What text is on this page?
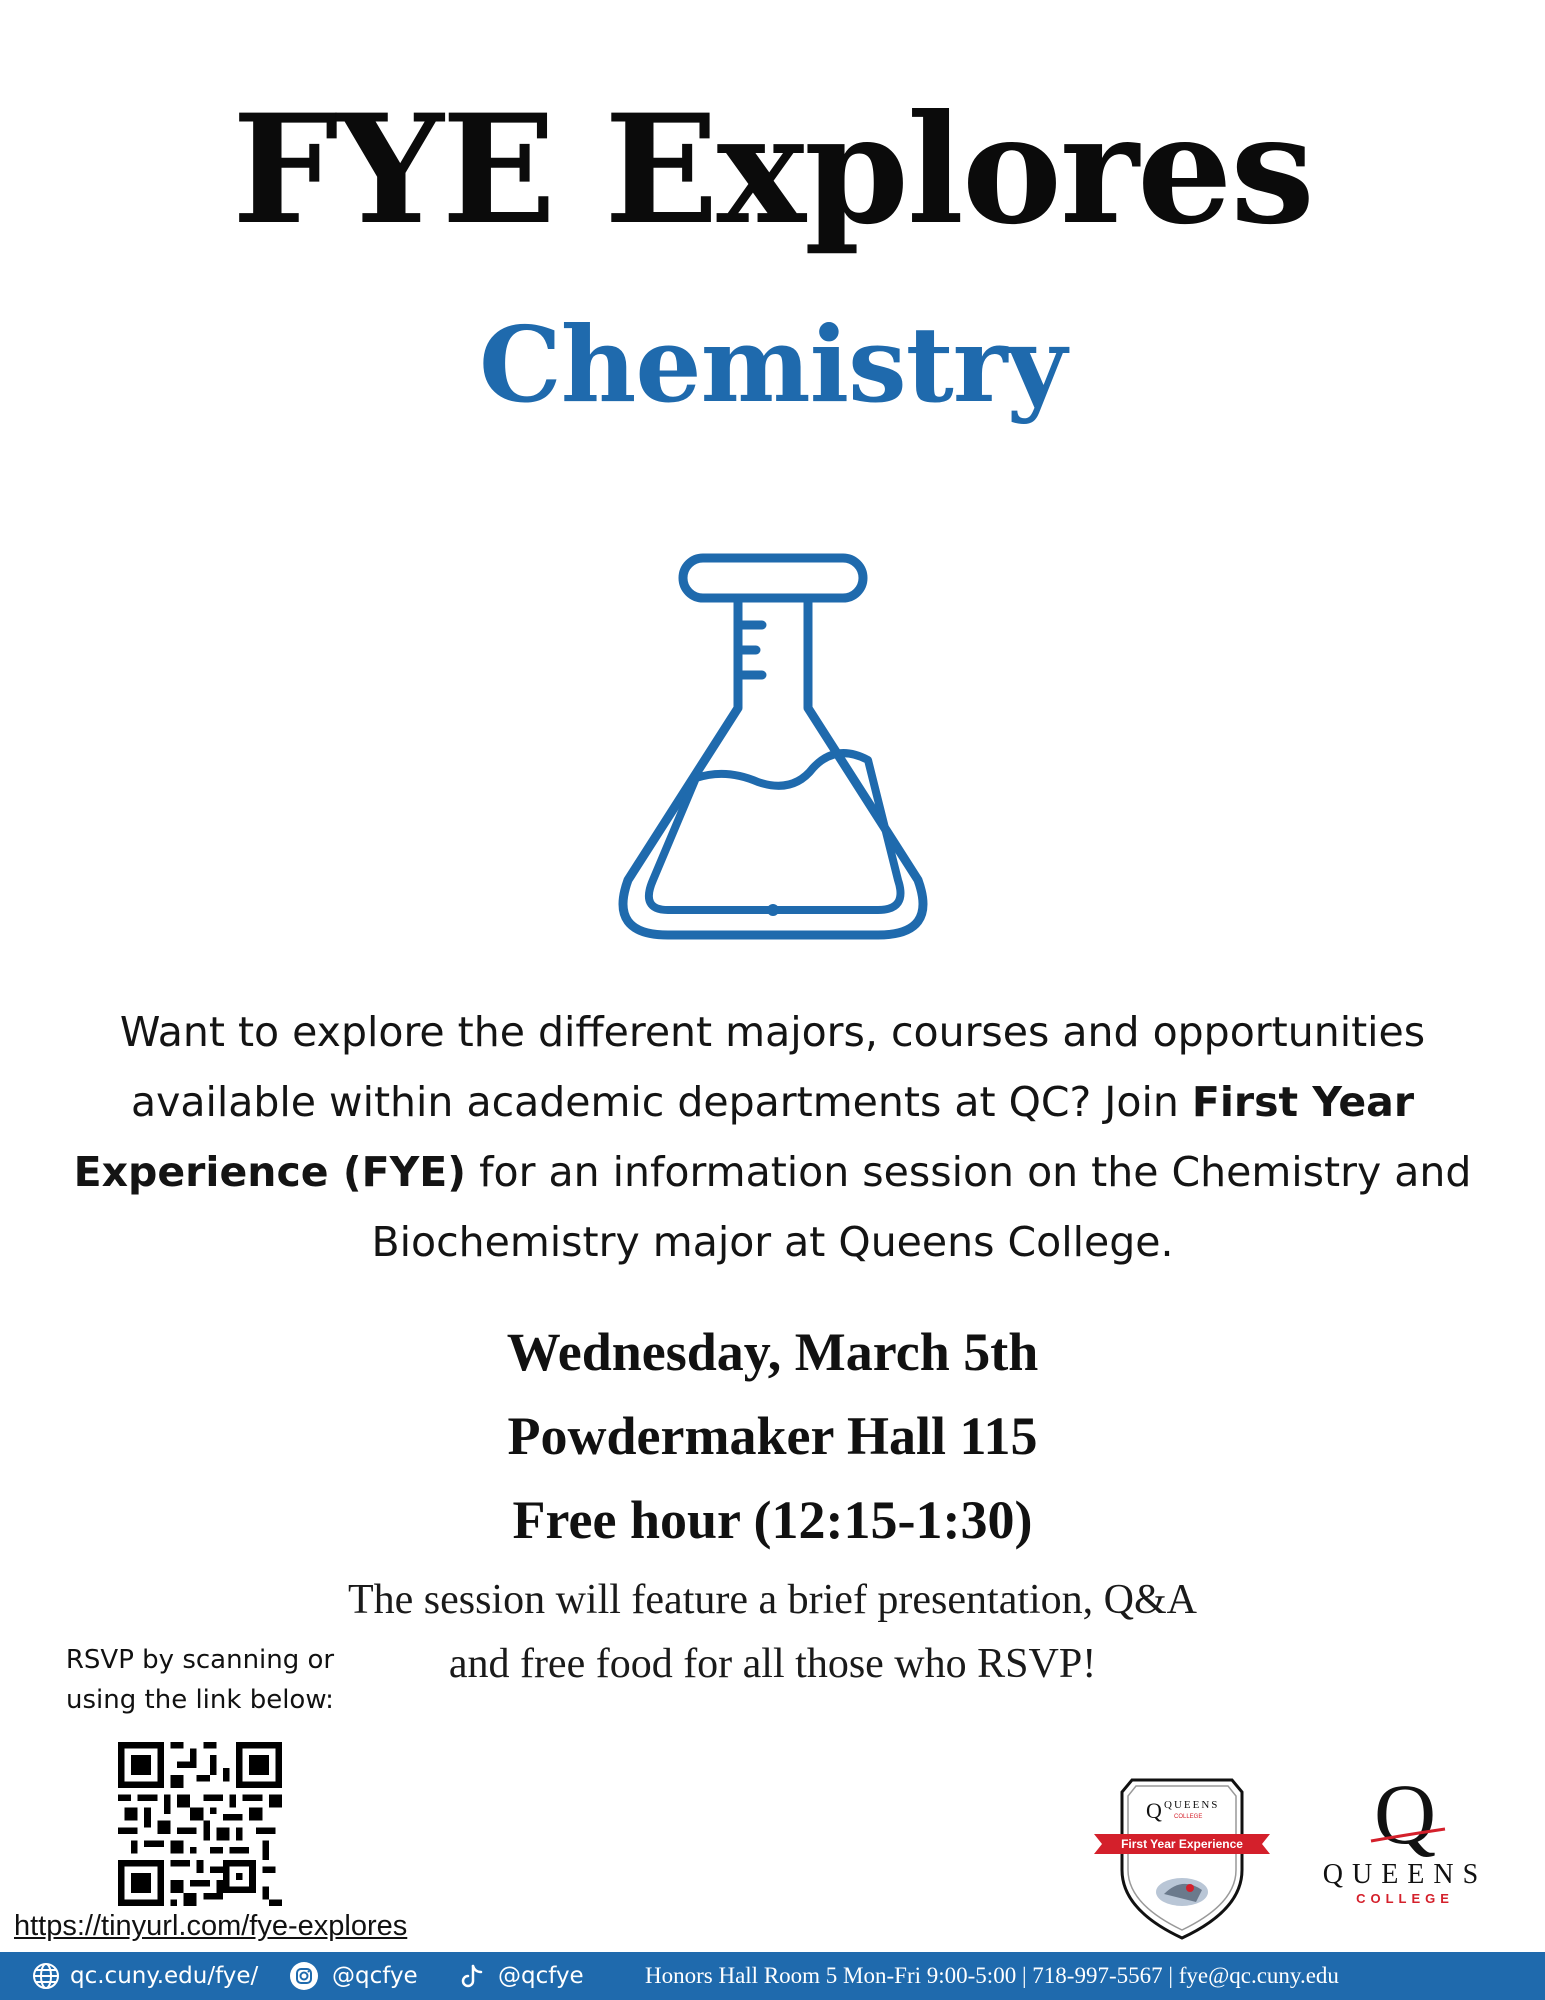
FYE Explores
Chemistry
Want to explore the different majors, courses and opportunities available within academic departments at QC? Join First Year Experience (FYE) for an information session on the Chemistry and Biochemistry major at Queens College.
Wednesday, March 5th
Powdermaker Hall 115
Free hour (12:15-1:30)
The session will feature a brief presentation, Q&A
and free food for all those who RSVP!
RSVP by scanning or
using the link below:
https://tinyurl.com/fye-explores
Q QUEENS
COLLEGE
First Year Experience Q
QUEENS
COLLEGE
qc.cuny.edu/fye/	@qcfye	@qcfye	Honors Hall Room 5 Mon-Fri 9:00-5:00 | 718-997-5567 | fye@qc.cuny.edu
